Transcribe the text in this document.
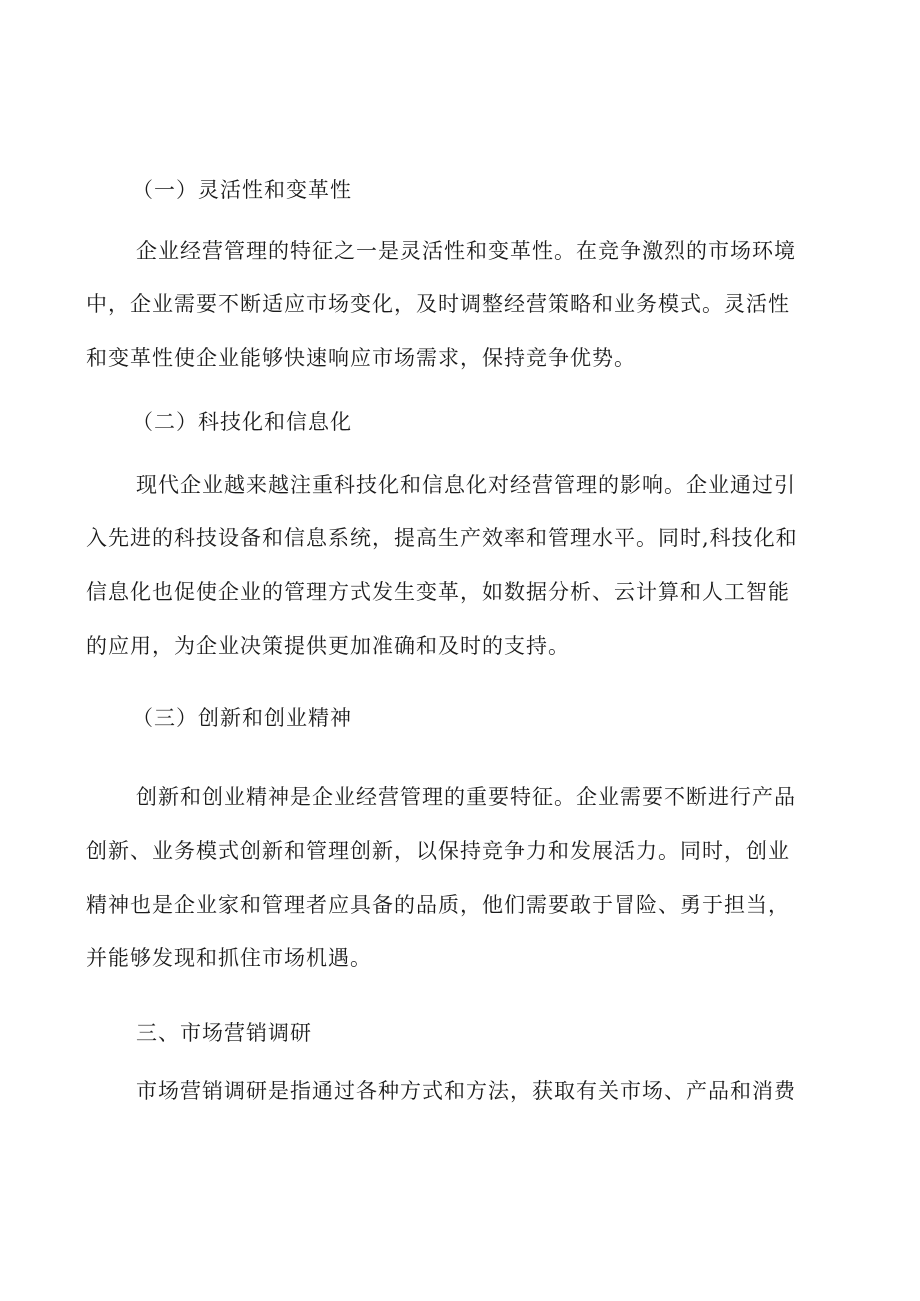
（一）灵活性和变革性
企业经营管理的特征之一是灵活性和变革性。在竞争激烈的市场环境
中，企业需要不断适应市场变化，及时调整经营策略和业务模式。灵活性
和变革性使企业能够快速响应市场需求，保持竞争优势。
（二）科技化和信息化
现代企业越来越注重科技化和信息化对经营管理的影响。企业通过引
入先进的科技设备和信息系统，提高生产效率和管理水平。同时,科技化和
信息化也促使企业的管理方式发生变革，如数据分析、云计算和人工智能
的应用，为企业决策提供更加准确和及时的支持。
（三）创新和创业精神
创新和创业精神是企业经营管理的重要特征。企业需要不断进行产品
创新、业务模式创新和管理创新，以保持竞争力和发展活力。同时，创业
精神也是企业家和管理者应具备的品质，他们需要敢于冒险、勇于担当，
并能够发现和抓住市场机遇。
三、市场营销调研
市场营销调研是指通过各种方式和方法，获取有关市场、产品和消费
